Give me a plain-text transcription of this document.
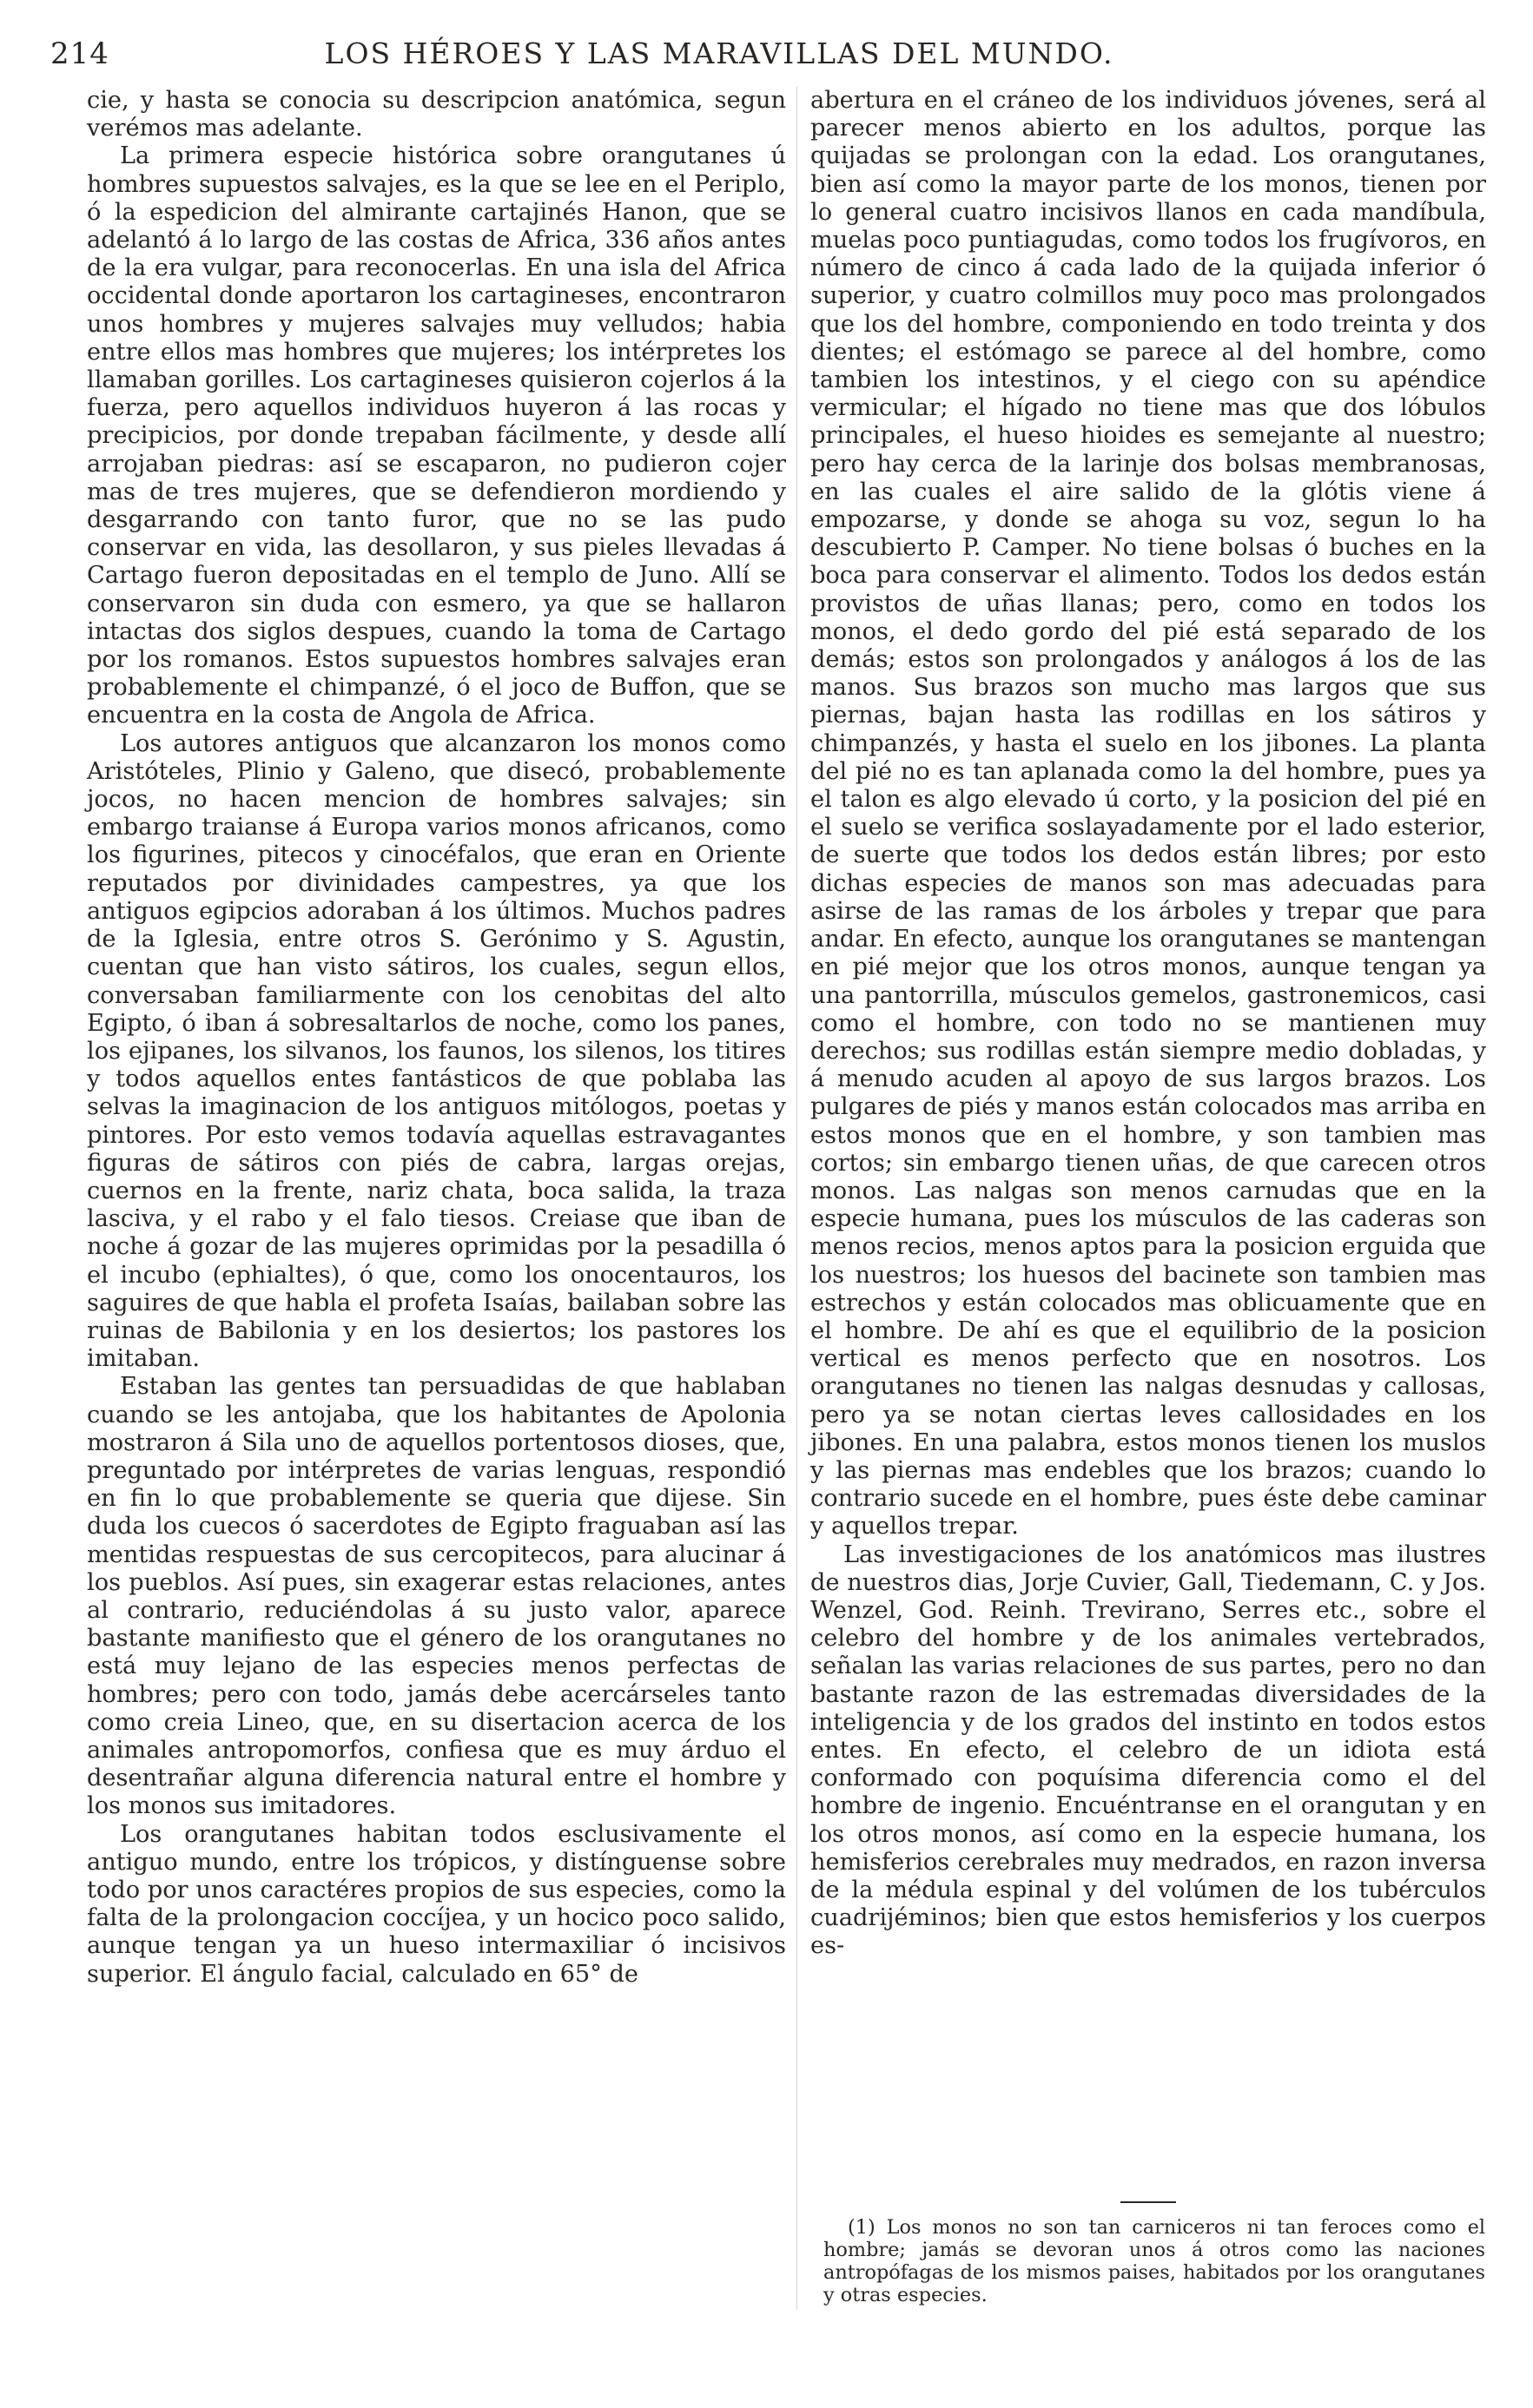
214	LOS HÉROES Y LAS MARAVILLAS DEL MUNDO.

cie, y hasta se conocia su descripcion anatómica, segun verémos mas adelante.

La primera especie histórica sobre orangutanes ú hombres supuestos salvajes, es la que se lee en el Periplo, ó la espedicion del almirante cartajinés Hanon, que se adelantó á lo largo de las costas de Africa, 336 años antes de la era vulgar, para reconocerlas. En una isla del Africa occidental donde aportaron los cartagineses, encontraron unos hombres y mujeres salvajes muy velludos; habia entre ellos mas hombres que mujeres; los intérpretes los llamaban gorilles. Los cartagineses quisieron cojerlos á la fuerza, pero aquellos individuos huyeron á las rocas y precipicios, por donde trepaban fácilmente, y desde allí arrojaban piedras: así se escaparon, no pudieron cojer mas de tres mujeres, que se defendieron mordiendo y desgarrando con tanto furor, que no se las pudo conservar en vida, las desollaron, y sus pieles llevadas á Cartago fueron depositadas en el templo de Juno. Allí se conservaron sin duda con esmero, ya que se hallaron intactas dos siglos despues, cuando la toma de Cartago por los romanos. Estos supuestos hombres salvajes eran probablemente el chimpanzé, ó el joco de Buffon, que se encuentra en la costa de Angola de Africa.

Los autores antiguos que alcanzaron los monos como Aristóteles, Plinio y Galeno, que disecó, probablemente jocos, no hacen mencion de hombres salvajes; sin embargo traianse á Europa varios monos africanos, como los figurines, pitecos y cinocéfalos, que eran en Oriente reputados por divinidades campestres, ya que los antiguos egipcios adoraban á los últimos. Muchos padres de la Iglesia, entre otros S. Gerónimo y S. Agustin, cuentan que han visto sátiros, los cuales, segun ellos, conversaban familiarmente con los cenobitas del alto Egipto, ó iban á sobresaltarlos de noche, como los panes, los ejipanes, los silvanos, los faunos, los silenos, los titires y todos aquellos entes fantásticos de que poblaba las selvas la imaginacion de los antiguos mitólogos, poetas y pintores. Por esto vemos todavía aquellas estravagantes figuras de sátiros con piés de cabra, largas orejas, cuernos en la frente, nariz chata, boca salida, la traza lasciva, y el rabo y el falo tiesos. Creiase que iban de noche á gozar de las mujeres oprimidas por la pesadilla ó el incubo (ephialtes), ó que, como los onocentauros, los saguires de que habla el profeta Isaías, bailaban sobre las ruinas de Babilonia y en los desiertos; los pastores los imitaban.

Estaban las gentes tan persuadidas de que hablaban cuando se les antojaba, que los habitantes de Apolonia mostraron á Sila uno de aquellos portentosos dioses, que, preguntado por intérpretes de varias lenguas, respondió en fin lo que probablemente se queria que dijese. Sin duda los cuecos ó sacerdotes de Egipto fraguaban así las mentidas respuestas de sus cercopitecos, para alucinar á los pueblos. Así pues, sin exagerar estas relaciones, antes al contrario, reduciéndolas á su justo valor, aparece bastante manifiesto que el género de los orangutanes no está muy lejano de las especies menos perfectas de hombres; pero con todo, jamás debe acercárseles tanto como creia Lineo, que, en su disertacion acerca de los animales antropomorfos, confiesa que es muy árduo el desentrañar alguna diferencia natural entre el hombre y los monos sus imitadores.

Los orangutanes habitan todos esclusivamente el antiguo mundo, entre los trópicos, y distínguense sobre todo por unos caractéres propios de sus especies, como la falta de la prolongacion coccíjea, y un hocico poco salido, aunque tengan ya un hueso intermaxiliar ó incisivos superior. El ángulo facial, calculado en 65° de

abertura en el cráneo de los individuos jóvenes, será al parecer menos abierto en los adultos, porque las quijadas se prolongan con la edad. Los orangutanes, bien así como la mayor parte de los monos, tienen por lo general cuatro incisivos llanos en cada mandíbula, muelas poco puntiagudas, como todos los frugívoros, en número de cinco á cada lado de la quijada inferior ó superior, y cuatro colmillos muy poco mas prolongados que los del hombre, componiendo en todo treinta y dos dientes; el estómago se parece al del hombre, como tambien los intestinos, y el ciego con su apéndice vermicular; el hígado no tiene mas que dos lóbulos principales, el hueso hioides es semejante al nuestro; pero hay cerca de la larinje dos bolsas membranosas, en las cuales el aire salido de la glótis viene á empozarse, y donde se ahoga su voz, segun lo ha descubierto P. Camper. No tiene bolsas ó buches en la boca para conservar el alimento. Todos los dedos están provistos de uñas llanas; pero, como en todos los monos, el dedo gordo del pié está separado de los demás; estos son prolongados y análogos á los de las manos. Sus brazos son mucho mas largos que sus piernas, bajan hasta las rodillas en los sátiros y chimpanzés, y hasta el suelo en los jibones. La planta del pié no es tan aplanada como la del hombre, pues ya el talon es algo elevado ú corto, y la posicion del pié en el suelo se verifica soslayadamente por el lado esterior, de suerte que todos los dedos están libres; por esto dichas especies de manos son mas adecuadas para asirse de las ramas de los árboles y trepar que para andar. En efecto, aunque los orangutanes se mantengan en pié mejor que los otros monos, aunque tengan ya una pantorrilla, músculos gemelos, gastronemicos, casi como el hombre, con todo no se mantienen muy derechos; sus rodillas están siempre medio dobladas, y á menudo acuden al apoyo de sus largos brazos. Los pulgares de piés y manos están colocados mas arriba en estos monos que en el hombre, y son tambien mas cortos; sin embargo tienen uñas, de que carecen otros monos. Las nalgas son menos carnudas que en la especie humana, pues los músculos de las caderas son menos recios, menos aptos para la posicion erguida que los nuestros; los huesos del bacinete son tambien mas estrechos y están colocados mas oblicuamente que en el hombre. De ahí es que el equilibrio de la posicion vertical es menos perfecto que en nosotros. Los orangutanes no tienen las nalgas desnudas y callosas, pero ya se notan ciertas leves callosidades en los jibones. En una palabra, estos monos tienen los muslos y las piernas mas endebles que los brazos; cuando lo contrario sucede en el hombre, pues éste debe caminar y aquellos trepar.

Las investigaciones de los anatómicos mas ilustres de nuestros dias, Jorje Cuvier, Gall, Tiedemann, C. y Jos. Wenzel, God. Reinh. Treviranо, Serres etc., sobre el celebro del hombre y de los animales vertebrados, señalan las varias relaciones de sus partes, pero no dan bastante razon de las estremadas diversidades de la inteligencia y de los grados del instinto en todos estos entes. En efecto, el celebro de un idiota está conformado con poquísima diferencia como el del hombre de ingenio. Encuéntranse en el orangutan y en los otros monos, así como en la especie humana, los hemisferios cerebrales muy medrados, en razon inversa de la médula espinal y del volúmen de los tubérculos cuadrijéminos; bien que estos hemisferios y los cuerpos es-

(1) Los monos no son tan carniceros ni tan feroces como el hombre; jamás se devoran unos á otros como las naciones antropófagas de los mismos paises, habitados por los orangutanes y otras especies.
